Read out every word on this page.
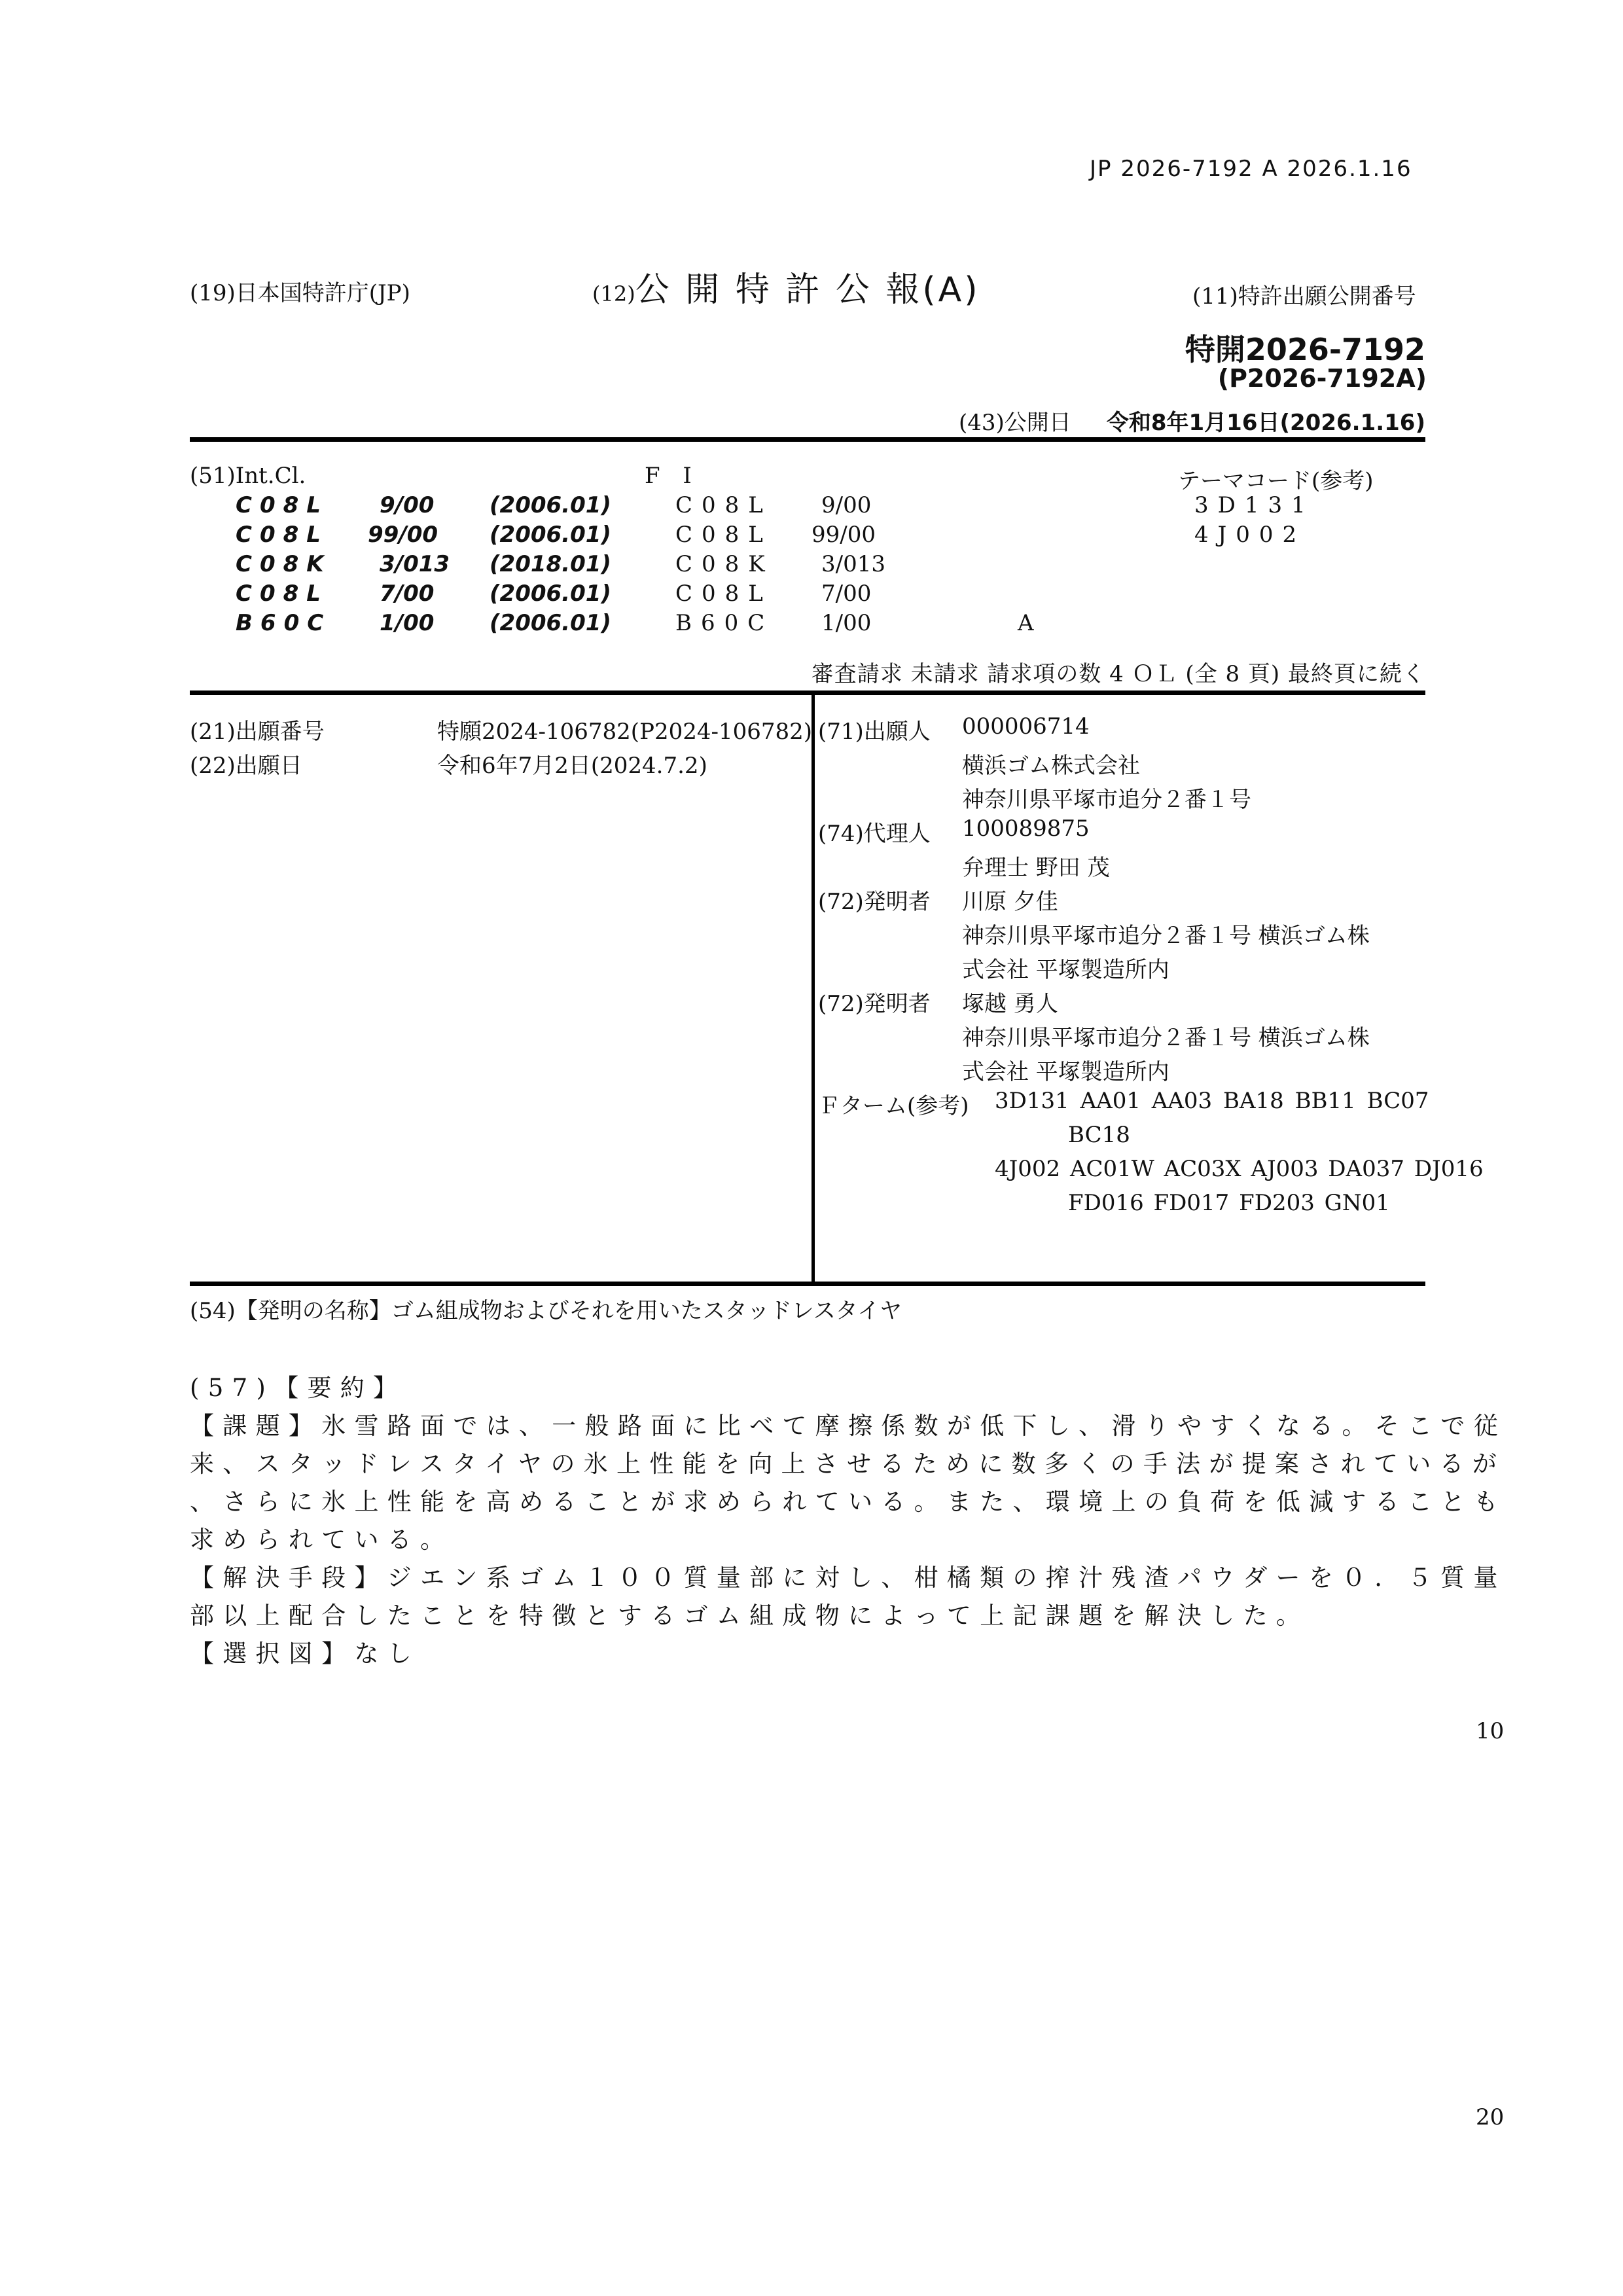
JP 2026-7192 A 2026.1.16
(19)日本国特許庁(JP)	(12)公 開 特 許 公 報(A)	(11)特許出願公開番号
特開2026-7192
(P2026-7192A)
(43)公開日 令和8年1月16日(2026.1.16)
(51)Int.Cl.	F I	テーマコード(参考)
C08L 9/00 (2006.01)	C08L 9/00	3D131
C08L 99/00 (2006.01)	C08L 99/00	4J002
C08K 3/013 (2018.01)	C08K 3/013
C08L 7/00 (2006.01)	C08L 7/00
B60C 1/00 (2006.01)	B60C 1/00	A
審査請求 未請求 請求項の数 4 ＯＬ (全 8 頁) 最終頁に続く
(21)出願番号	特願2024-106782(P2024-106782)
(22)出願日	令和6年7月2日(2024.7.2)
(71)出願人 000006714
横浜ゴム株式会社
神奈川県平塚市追分２番１号
(74)代理人 100089875
弁理士 野田 茂
(72)発明者 川原 夕佳
神奈川県平塚市追分２番１号 横浜ゴム株
式会社 平塚製造所内
(72)発明者 塚越 勇人
神奈川県平塚市追分２番１号 横浜ゴム株
式会社 平塚製造所内
Ｆターム(参考) 3D131 AA01 AA03 BA18 BB11 BC07
BC18
4J002 AC01W AC03X AJ003 DA037 DJ016
FD016 FD017 FD203 GN01
(54)【発明の名称】ゴム組成物およびそれを用いたスタッドレスタイヤ
(57)【要約】
【課題】氷雪路面では、一般路面に比べて摩擦係数が低下し、滑りやすくなる。そこで従
来、スタッドレスタイヤの氷上性能を向上させるために数多くの手法が提案されているが
、さらに氷上性能を高めることが求められている。また、環境上の負荷を低減することも
求められている。
【解決手段】ジエン系ゴム１００質量部に対し、柑橘類の搾汁残渣パウダーを０．５質量
部以上配合したことを特徴とするゴム組成物によって上記課題を解決した。
【選択図】なし
10
20
